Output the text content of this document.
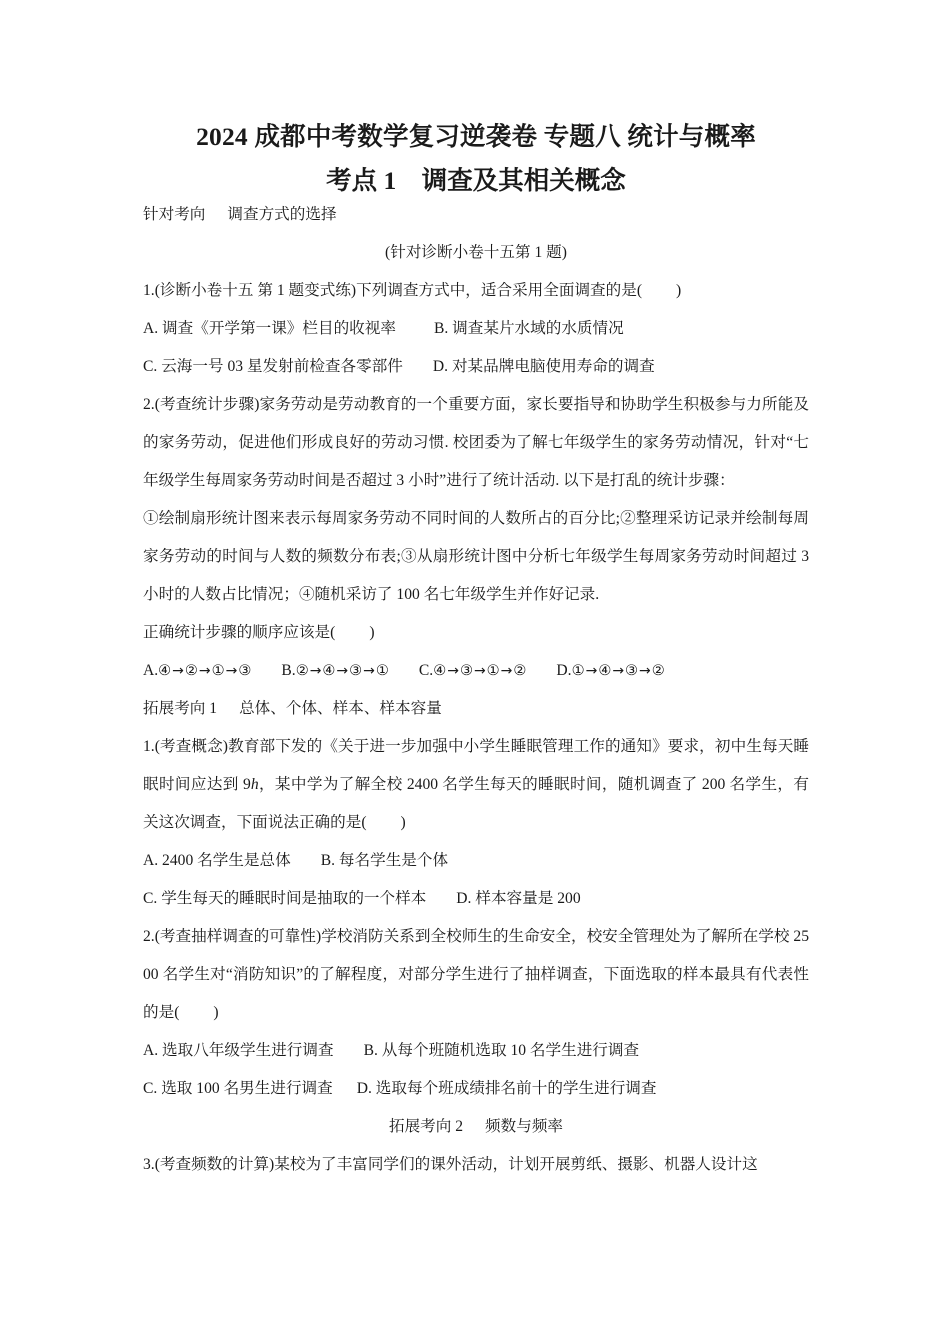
2024 成都中考数学复习逆袭卷 专题八 统计与概率
考点 1    调查及其相关概念

针对考向 调查方式的选择

(针对诊断小卷十五第 1 题)

1.(诊断小卷十五 第 1 题变式练)下列调查方式中，适合采用全面调查的是( )

A. 调查《开学第一课》栏目的收视率 B. 调查某片水域的水质情况

C. 云海一号 03 星发射前检查各零部件 D. 对某品牌电脑使用寿命的调查

2.(考查统计步骤)家务劳动是劳动教育的一个重要方面，家长要指导和协助学生积极参与力所能及的家务劳动，促进他们形成良好的劳动习惯. 校团委为了解七年级学生的家务劳动情况，针对“七年级学生每周家务劳动时间是否超过 3 小时”进行了统计活动. 以下是打乱的统计步骤：

①绘制扇形统计图来表示每周家务劳动不同时间的人数所占的百分比;②整理采访记录并绘制每周家务劳动的时间与人数的频数分布表;③从扇形统计图中分析七年级学生每周家务劳动时间超过 3 小时的人数占比情况；④随机采访了 100 名七年级学生并作好记录.

正确统计步骤的顺序应该是( )

A.④→②→①→③ B.②→④→③→① C.④→③→①→② D.①→④→③→②

拓展考向 1 总体、个体、样本、样本容量

1.(考查概念)教育部下发的《关于进一步加强中小学生睡眠管理工作的通知》要求，初中生每天睡眠时间应达到 9h，某中学为了解全校 2400 名学生每天的睡眠时间，随机调查了 200 名学生，有关这次调查，下面说法正确的是( )

A. 2400 名学生是总体 B. 每名学生是个体

C. 学生每天的睡眠时间是抽取的一个样本 D. 样本容量是 200

2.(考查抽样调查的可靠性)学校消防关系到全校师生的生命安全，校安全管理处为了解所在学校 2500 名学生对“消防知识”的了解程度，对部分学生进行了抽样调查，下面选取的样本最具有代表性的是( )

A. 选取八年级学生进行调查 B. 从每个班随机选取 10 名学生进行调查

C. 选取 100 名男生进行调查 D. 选取每个班成绩排名前十的学生进行调查

拓展考向 2 频数与频率

3.(考查频数的计算)某校为了丰富同学们的课外活动，计划开展剪纸、摄影、机器人设计这
